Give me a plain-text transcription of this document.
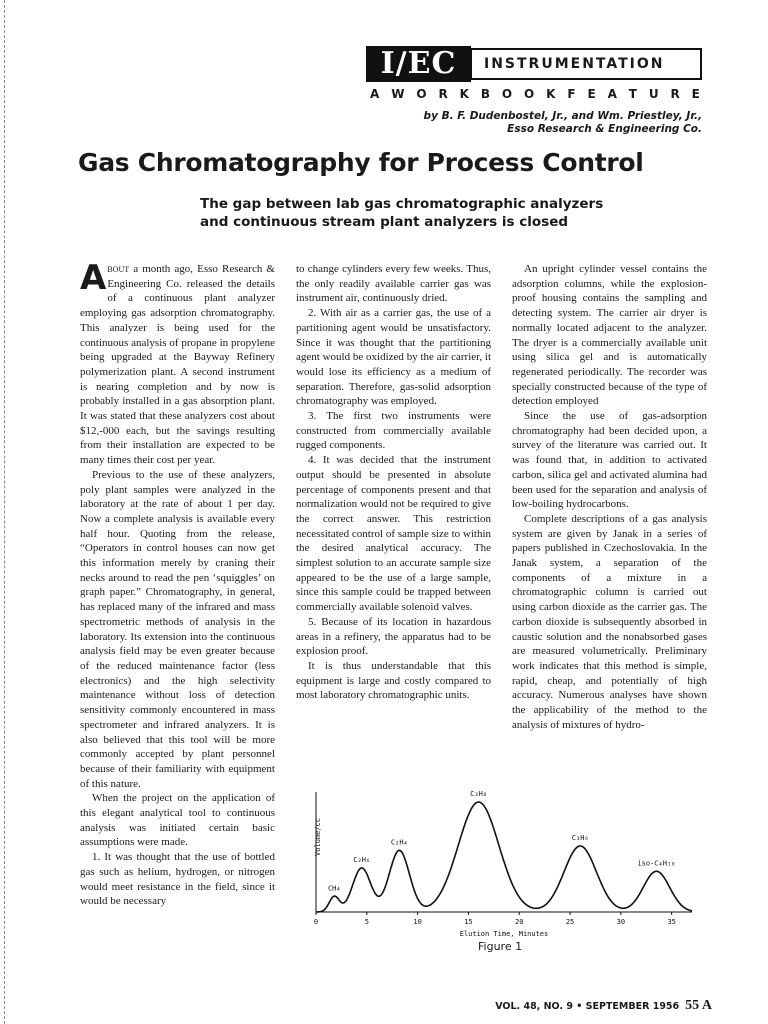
I/EC	INSTRUMENTATION
A W O R K B O O K F E A T U R E
by B. F. Dudenbostel, Jr., and Wm. Priestley, Jr.,
Esso Research & Engineering Co.
Gas Chromatography for Process Control
The gap between lab gas chromatographic analyzers
and continuous stream plant analyzers is closed

About a month ago, Esso Research & Engineering Co. released the details of a continuous plant analyzer employing gas adsorption chromatography. This analyzer is being used for the continuous analysis of propane in propylene being upgraded at the Bayway Refinery polymerization plant. A second instrument is nearing completion and by now is probably installed in a gas absorption plant. It was stated that these analyzers cost about $12,-000 each, but the savings resulting from their installation are expected to be many times their cost per year.

Previous to the use of these analyzers, poly plant samples were analyzed in the laboratory at the rate of about 1 per day. Now a complete analysis is available every half hour. Quoting from the release, “Operators in control houses can now get this information merely by craning their necks around to read the pen ‘squiggles’ on graph paper.” Chromatography, in general, has replaced many of the infrared and mass spectrometric methods of analysis in the laboratory. Its extension into the continuous analysis field may be even greater because of the reduced maintenance factor (less electronics) and the high selectivity maintenance without loss of detection sensitivity commonly encountered in mass spectrometer and infrared analyzers. It is also believed that this tool will be more commonly accepted by plant personnel because of their familiarity with equipment of this nature.

When the project on the application of this elegant analytical tool to continuous analysis was initiated certain basic assumptions were made.

1. It was thought that the use of bottled gas such as helium, hydrogen, or nitrogen would meet resistance in the field, since it would be necessary

to change cylinders every few weeks. Thus, the only readily available carrier gas was instrument air, continuously dried.

2. With air as a carrier gas, the use of a partitioning agent would be unsatisfactory. Since it was thought that the partitioning agent would be oxidized by the air carrier, it would lose its efficiency as a medium of separation. Therefore, gas-solid adsorption chromatography was employed.

3. The first two instruments were constructed from commercially available rugged components.

4. It was decided that the instrument output should be presented in absolute percentage of components present and that normalization would not be required to give the correct answer. This restriction necessitated control of sample size to within the desired analytical accuracy. The simplest solution to an accurate sample size appeared to be the use of a large sample, since this sample could be trapped between commercially available solenoid valves.

5. Because of its location in hazardous areas in a refinery, the apparatus had to be explosion proof.

It is thus understandable that this equipment is large and costly compared to most laboratory chromatographic units.

An upright cylinder vessel contains the adsorption columns, while the explosion-proof housing contains the sampling and detecting system. The carrier air dryer is normally located adjacent to the analyzer. The dryer is a commercially available unit using silica gel and is automatically regenerated periodically. The recorder was specially constructed because of the type of detection employed

Since the use of gas-adsorption chromatography had been decided upon, a survey of the literature was carried out. It was found that, in addition to activated carbon, silica gel and activated alumina had been used for the separation and analysis of low-boiling hydrocarbons.

Complete descriptions of a gas analysis system are given by Janak in a series of papers published in Czechoslovakia. In the Janak system, a separation of the components of a mixture in a chromatographic column is carried out using carbon dioxide as the carrier gas. The carbon dioxide is subsequently absorbed in caustic solution and the nonabsorbed gases are measured volumetrically. Preliminary work indicates that this method is simple, rapid, cheap, and potentially of high accuracy. Numerous analyses have shown the applicability of the method to the analysis of mixtures of hydro-

0	5	10	15	20	25	30	35
Elution Time, Minutes
Volume/cc
CH₄
C₂H₆
C₂H₄
C₃H₈
C₃H₆
iso-C₄H₁₀
Figure 1
VOL. 48, NO. 9 • SEPTEMBER 1956 55 A
